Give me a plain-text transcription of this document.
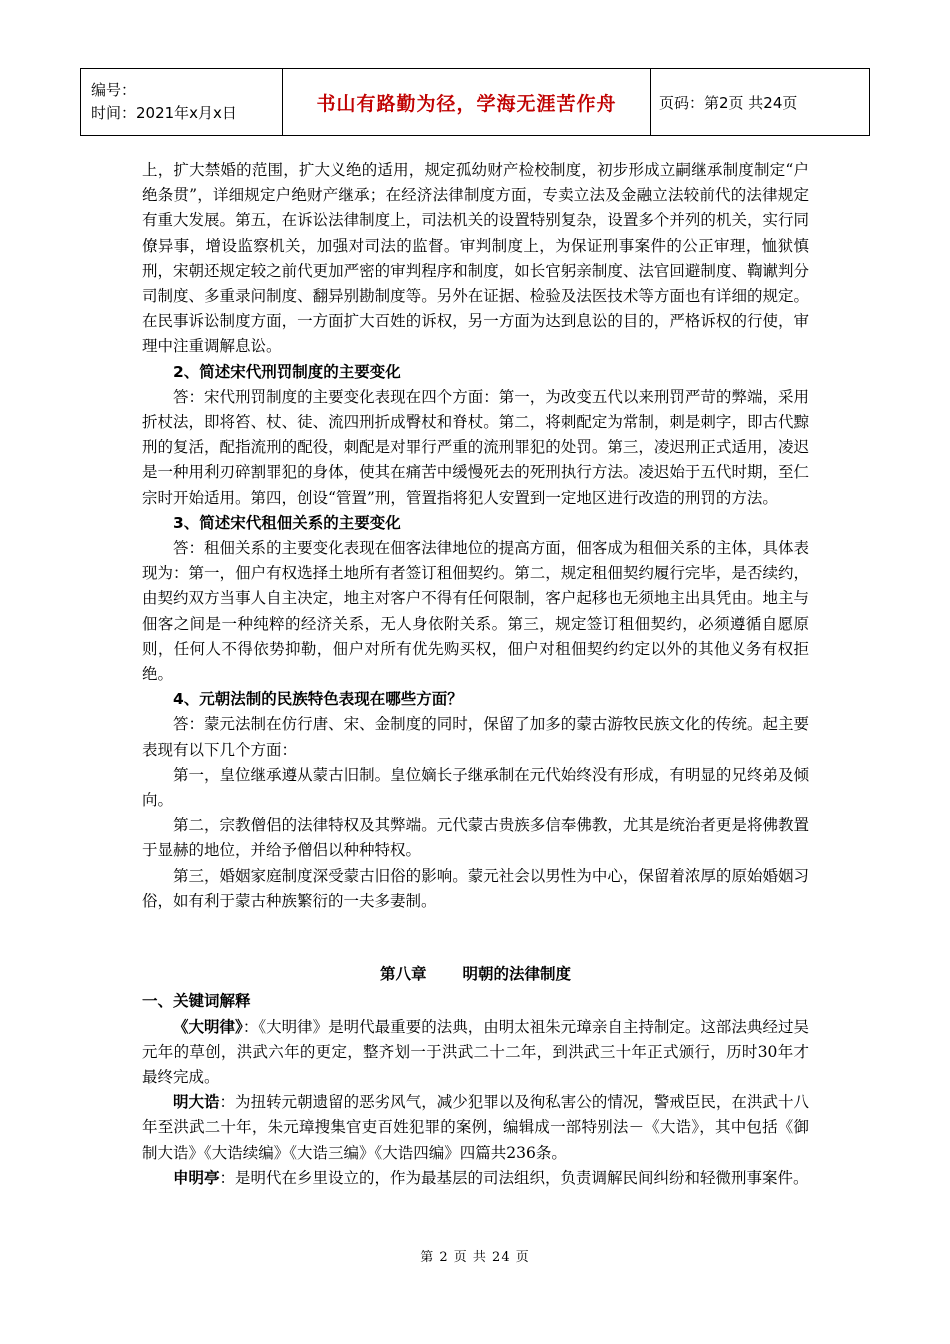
编号：
时间：2021年x月x日	书山有路勤为径，学海无涯苦作舟	页码：第2页 共24页

上，扩大禁婚的范围，扩大义绝的适用，规定孤幼财产检校制度，初步形成立嗣继承制度制定“户绝条贯”，详细规定户绝财产继承；在经济法律制度方面，专卖立法及金融立法较前代的法律规定有重大发展。第五，在诉讼法律制度上，司法机关的设置特别复杂，设置多个并列的机关，实行同僚异事，增设监察机关，加强对司法的监督。审判制度上，为保证刑事案件的公正审理，恤狱慎刑，宋朝还规定较之前代更加严密的审判程序和制度，如长官躬亲制度、法官回避制度、鞫谳判分司制度、多重录问制度、翻异别勘制度等。另外在证据、检验及法医技术等方面也有详细的规定。在民事诉讼制度方面，一方面扩大百姓的诉权，另一方面为达到息讼的目的，严格诉权的行使，审理中注重调解息讼。

2、简述宋代刑罚制度的主要变化

答：宋代刑罚制度的主要变化表现在四个方面：第一，为改变五代以来刑罚严苛的弊端，采用折杖法，即将笞、杖、徒、流四刑折成臀杖和脊杖。第二，将刺配定为常制，刺是刺字，即古代黥刑的复活，配指流刑的配役，刺配是对罪行严重的流刑罪犯的处罚。第三，凌迟刑正式适用，凌迟是一种用利刃碎割罪犯的身体，使其在痛苦中缓慢死去的死刑执行方法。凌迟始于五代时期，至仁宗时开始适用。第四，创设“管置”刑，管置指将犯人安置到一定地区进行改造的刑罚的方法。

3、简述宋代租佃关系的主要变化

答：租佃关系的主要变化表现在佃客法律地位的提高方面，佃客成为租佃关系的主体，具体表现为：第一，佃户有权选择土地所有者签订租佃契约。第二，规定租佃契约履行完毕，是否续约，由契约双方当事人自主决定，地主对客户不得有任何限制，客户起移也无须地主出具凭由。地主与佃客之间是一种纯粹的经济关系，无人身依附关系。第三，规定签订租佃契约，必须遵循自愿原则，任何人不得依势抑勒，佃户对所有优先购买权，佃户对租佃契约约定以外的其他义务有权拒绝。

4、元朝法制的民族特色表现在哪些方面？

答：蒙元法制在仿行唐、宋、金制度的同时，保留了加多的蒙古游牧民族文化的传统。起主要表现有以下几个方面：

第一，皇位继承遵从蒙古旧制。皇位嫡长子继承制在元代始终没有形成，有明显的兄终弟及倾向。

第二，宗教僧侣的法律特权及其弊端。元代蒙古贵族多信奉佛教，尤其是统治者更是将佛教置于显赫的地位，并给予僧侣以种种特权。

第三，婚姻家庭制度深受蒙古旧俗的影响。蒙元社会以男性为中心，保留着浓厚的原始婚姻习俗，如有利于蒙古种族繁衍的一夫多妻制。

第八章 明朝的法律制度

一、关键词解释

《大明律》：《大明律》是明代最重要的法典，由明太祖朱元璋亲自主持制定。这部法典经过吴元年的草创，洪武六年的更定，整齐划一于洪武二十二年，到洪武三十年正式颁行，历时30年才最终完成。

明大诰：为扭转元朝遗留的恶劣风气，减少犯罪以及徇私害公的情况，警戒臣民，在洪武十八年至洪武二十年，朱元璋搜集官吏百姓犯罪的案例，编辑成一部特别法－《大诰》，其中包括《御制大诰》《大诰续编》《大诰三编》《大诰四编》四篇共236条。

申明亭：是明代在乡里设立的，作为最基层的司法组织，负责调解民间纠纷和轻微刑事案件。

第 2 页 共 24 页
